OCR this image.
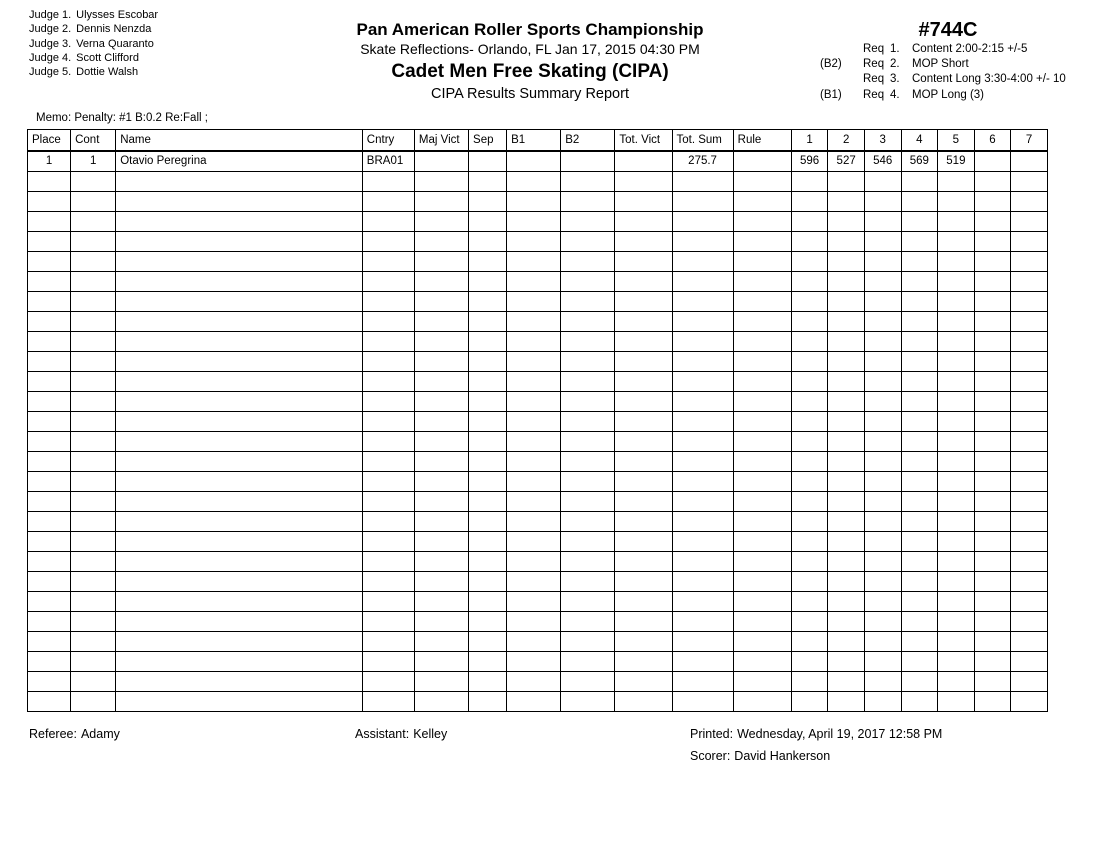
Judge 1. Ulysses Escobar
Judge 2. Dennis Nenzda
Judge 3. Verna Quaranto
Judge 4. Scott Clifford
Judge 5. Dottie Walsh
Pan American Roller Sports Championship
Skate Reflections- Orlando, FL Jan 17, 2015 04:30 PM
Cadet Men Free Skating (CIPA)
CIPA Results Summary Report
#744C
Req 1.	Content 2:00-2:15 +/-5
(B2)	Req 2.	MOP Short
Req 3.	Content Long 3:30-4:00 +/- 10
(B1)	Req 4.	MOP Long (3)
Memo: Penalty: #1 B:0.2 Re:Fall ;
Place	Cont	Name	Cntry	Maj Vict	Sep	B1	B2	Tot. Vict	Tot. Sum	Rule	1	2	3	4	5	6	7
1	1	Otavio Peregrina	BRA01						275.7		596	527	546	569	519		

Referee: Adamy	Assistant: Kelley	Printed: Wednesday, April 19, 2017 12:58 PM
Scorer: David Hankerson
